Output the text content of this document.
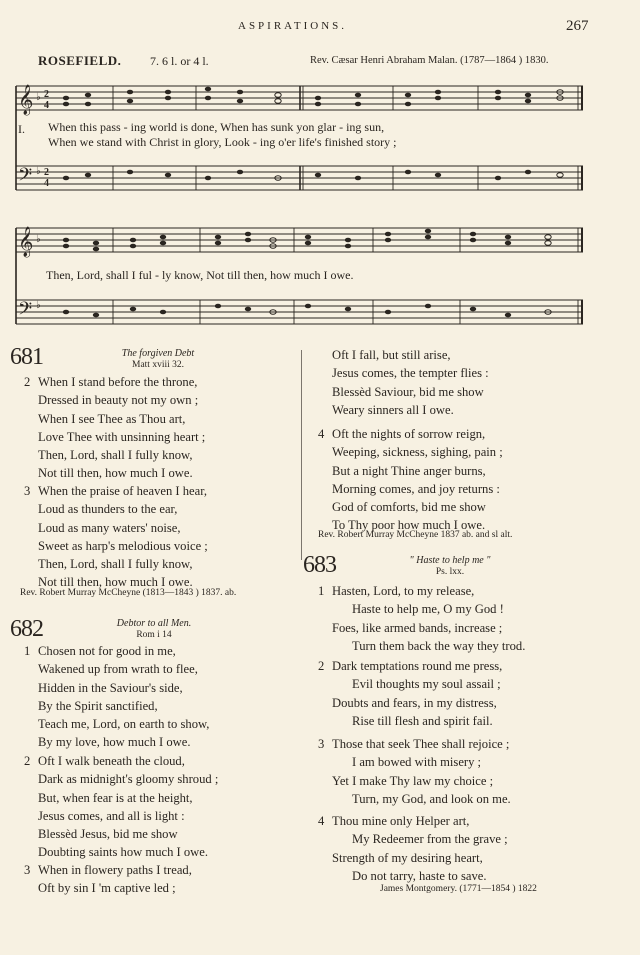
ASPIRATIONS.	267
ROSEFIELD. 7. 6 l. or 4 l.	Rev. Cæsar Henri Abraham Malan. (1787—1864 ) 1830.
𝄞
𝄢
♭
♭
2
4
2
4
I. When this pass - ing world is done, When has sunk yon glar - ing sun,
When we stand with Christ in glory, Look - ing o'er life's finished story ;
𝄞
𝄢
♭
♭
Then, Lord, shall I ful - ly know, Not till then, how much I owe.
681	The forgiven Debt
Matt xviii 32.
2 When I stand before the throne,
Dressed in beauty not my own ;
When I see Thee as Thou art,
Love Thee with unsinning heart ;
Then, Lord, shall I fully know,
Not till then, how much I owe.
3 When the praise of heaven I hear,
Loud as thunders to the ear,
Loud as many waters' noise,
Sweet as harp's melodious voice ;
Then, Lord, shall I fully know,
Not till then, how much I owe.
Rev. Robert Murray McCheyne (1813—1843 ) 1837. ab.
682	Debtor to all Men.
Rom i 14
1 Chosen not for good in me,
Wakened up from wrath to flee,
Hidden in the Saviour's side,
By the Spirit sanctified,
Teach me, Lord, on earth to show,
By my love, how much I owe.
2 Oft I walk beneath the cloud,
Dark as midnight's gloomy shroud ;
But, when fear is at the height,
Jesus comes, and all is light :
Blessèd Jesus, bid me show
Doubting saints how much I owe.
3 When in flowery paths I tread,
Oft by sin I 'm captive led ;
Oft I fall, but still arise,
Jesus comes, the tempter flies :
Blessèd Saviour, bid me show
Weary sinners all I owe.
4 Oft the nights of sorrow reign,
Weeping, sickness, sighing, pain ;
But a night Thine anger burns,
Morning comes, and joy returns :
God of comforts, bid me show
To Thy poor how much I owe.
Rev. Robert Murray McCheyne 1837 ab. and sl alt.
683	" Haste to help me "
Ps. lxx.
1 Hasten, Lord, to my release,
Haste to help me, O my God !
Foes, like armed bands, increase ;
Turn them back the way they trod.
2 Dark temptations round me press,
Evil thoughts my soul assail ;
Doubts and fears, in my distress,
Rise till flesh and spirit fail.
3 Those that seek Thee shall rejoice ;
I am bowed with misery ;
Yet I make Thy law my choice ;
Turn, my God, and look on me.
4 Thou mine only Helper art,
My Redeemer from the grave ;
Strength of my desiring heart,
Do not tarry, haste to save.
James Montgomery. (1771—1854 ) 1822
